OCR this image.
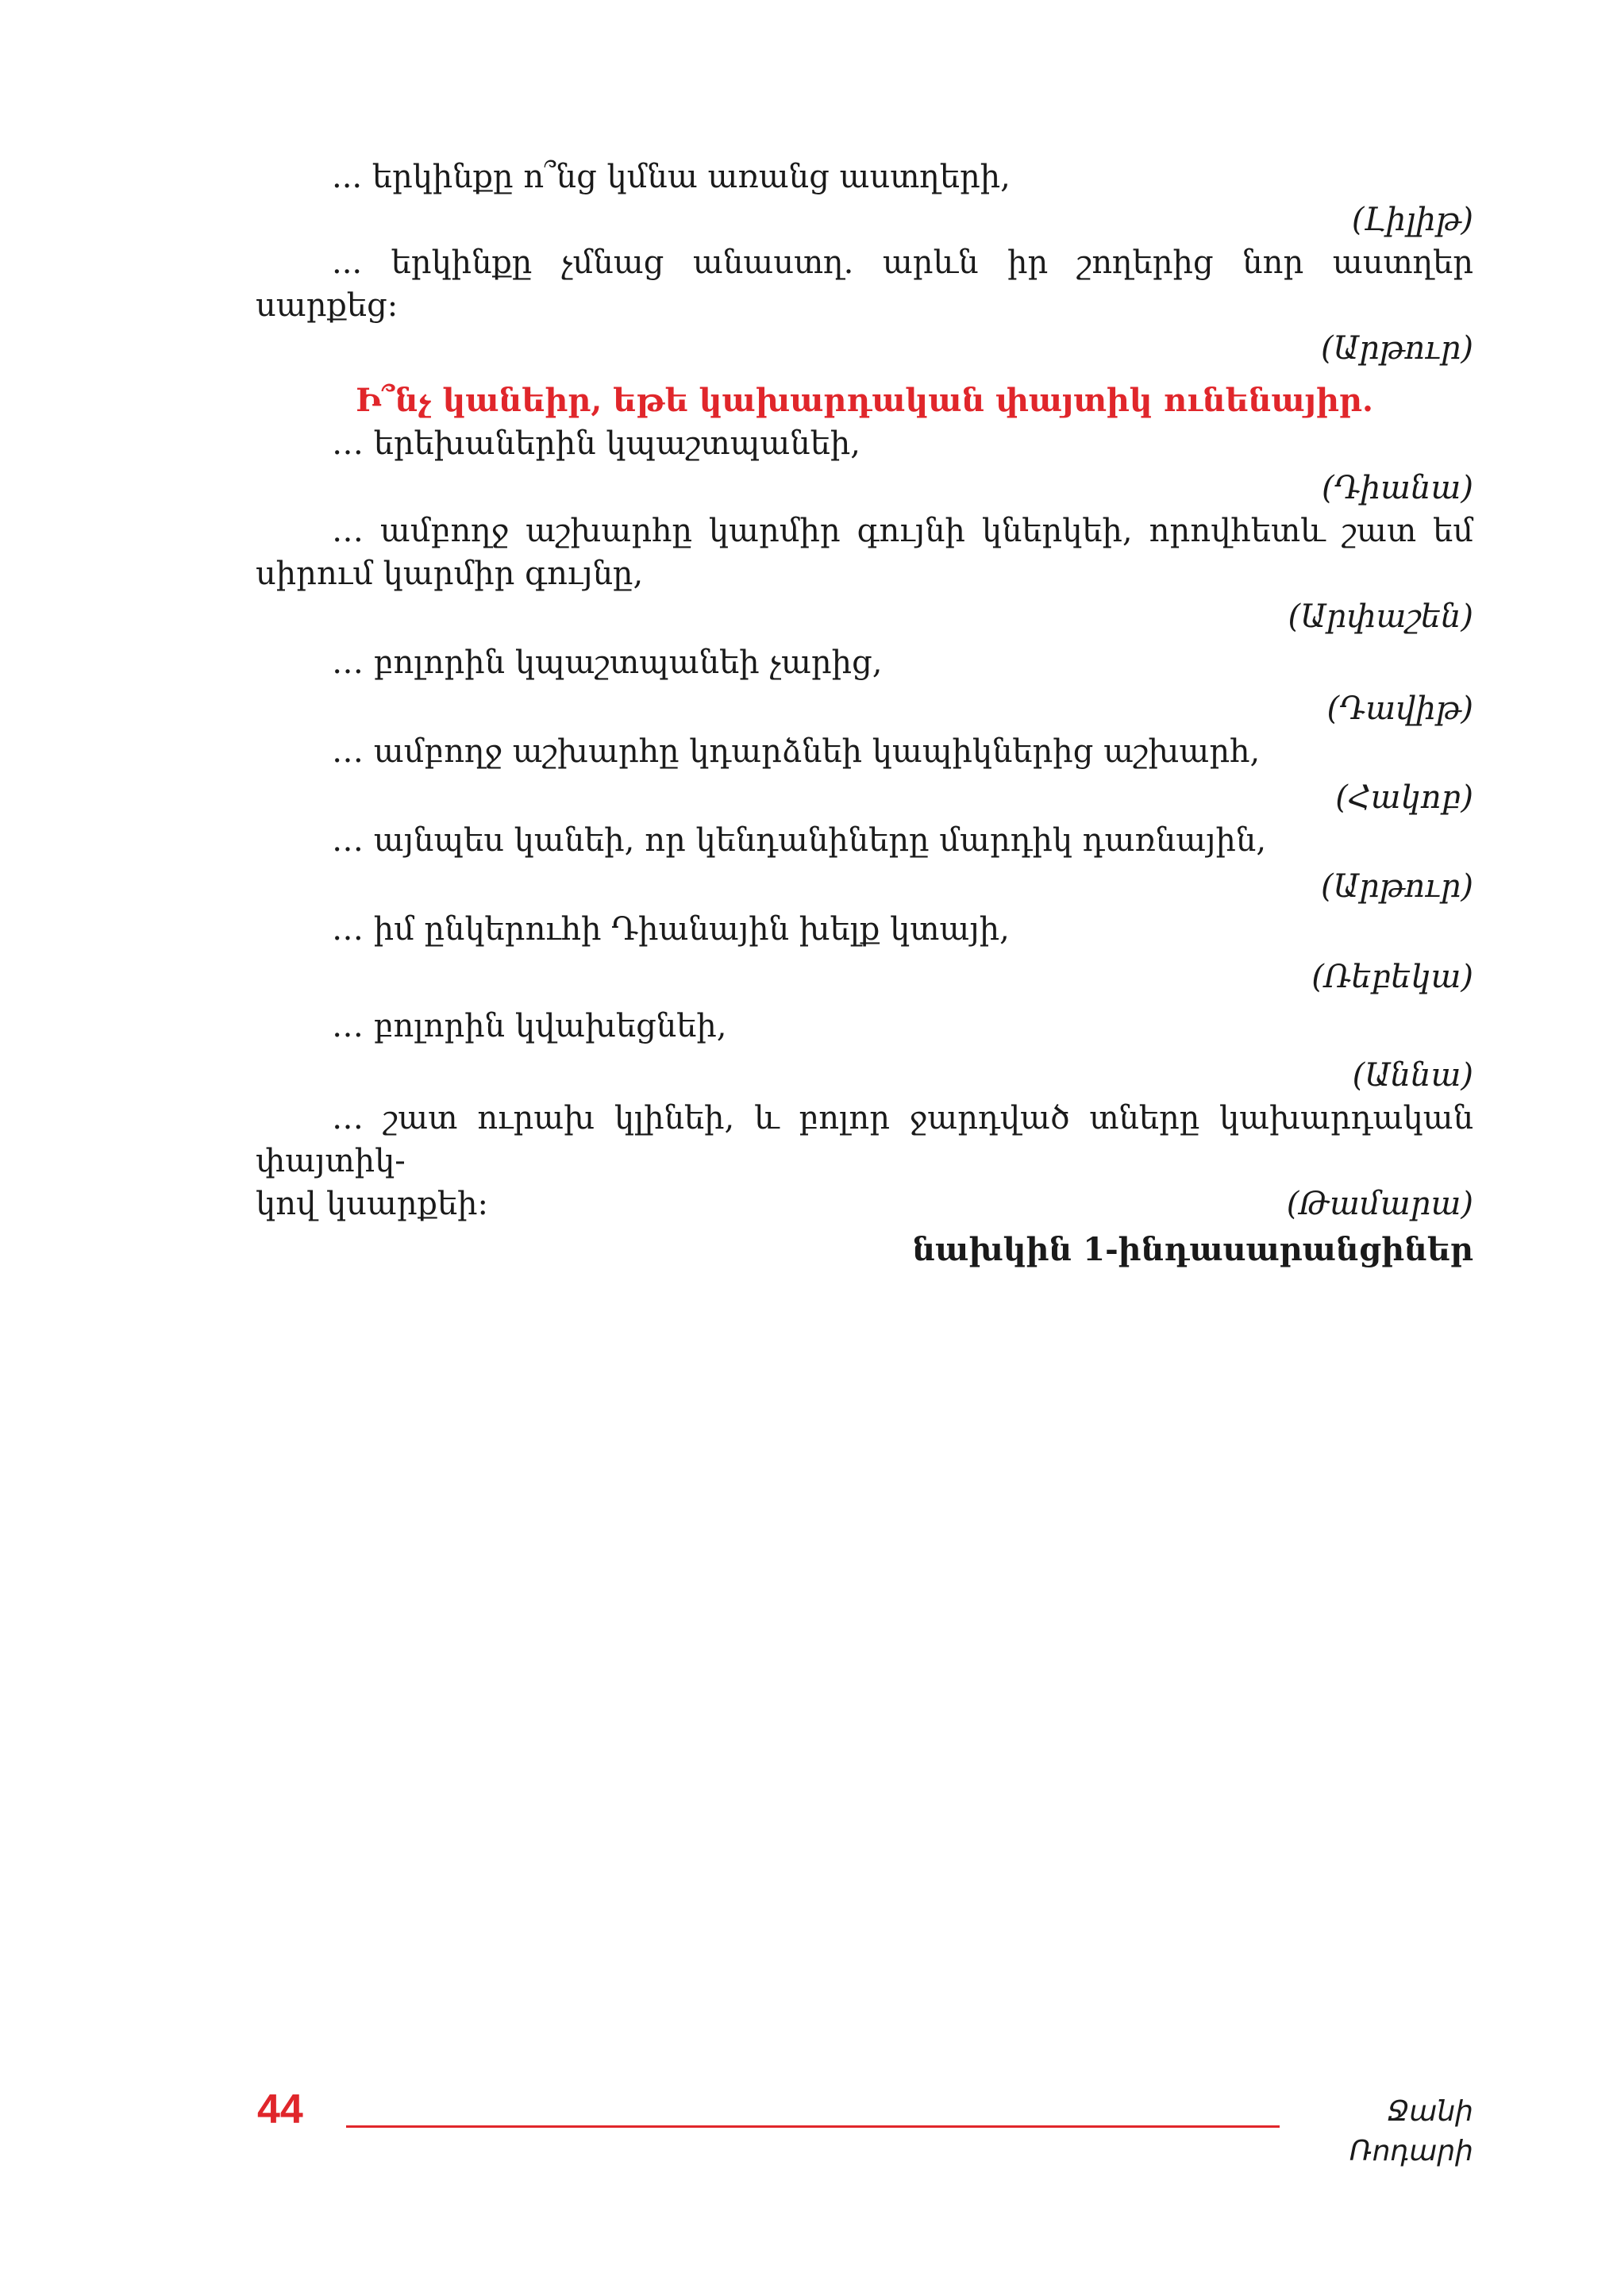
... երկինքը ո՞նց կմնա առանց աստղերի,

(Լիլիթ)

... երկինքը չմնաց անաստղ. արևն իր շողերից նոր աստղեր սարքեց:

(Արթուր)

Ի՞նչ կանեիր, եթե կախարդական փայտիկ ունենայիր.

… երեխաներին կպաշտպանեի,

(Դիանա)

… ամբողջ աշխարհը կարմիր գույնի կներկեի, որովհետև շատ եմ սիրում կարմիր գույնը,

(Արփաշեն)

… բոլորին կպաշտպանեի չարից,

(Դավիթ)

… ամբողջ աշխարհը կդարձնեի կապիկներից աշխարհ,

(Հակոբ)

… այնպես կանեի, որ կենդանիները մարդիկ դառնային,

(Արթուր)

… իմ ընկերուհի Դիանային խելք կտայի,

(Ռեբեկա)

… բոլորին կվախեցնեի,

(Աննա)

… շատ ուրախ կլինեի, և բոլոր ջարդված տները կախարդական փայտիկ-

կով կսարքեի:	(Թամարա)

նախկին 1-ինդասարանցիներ

44	Ջանի Ռոդարի
